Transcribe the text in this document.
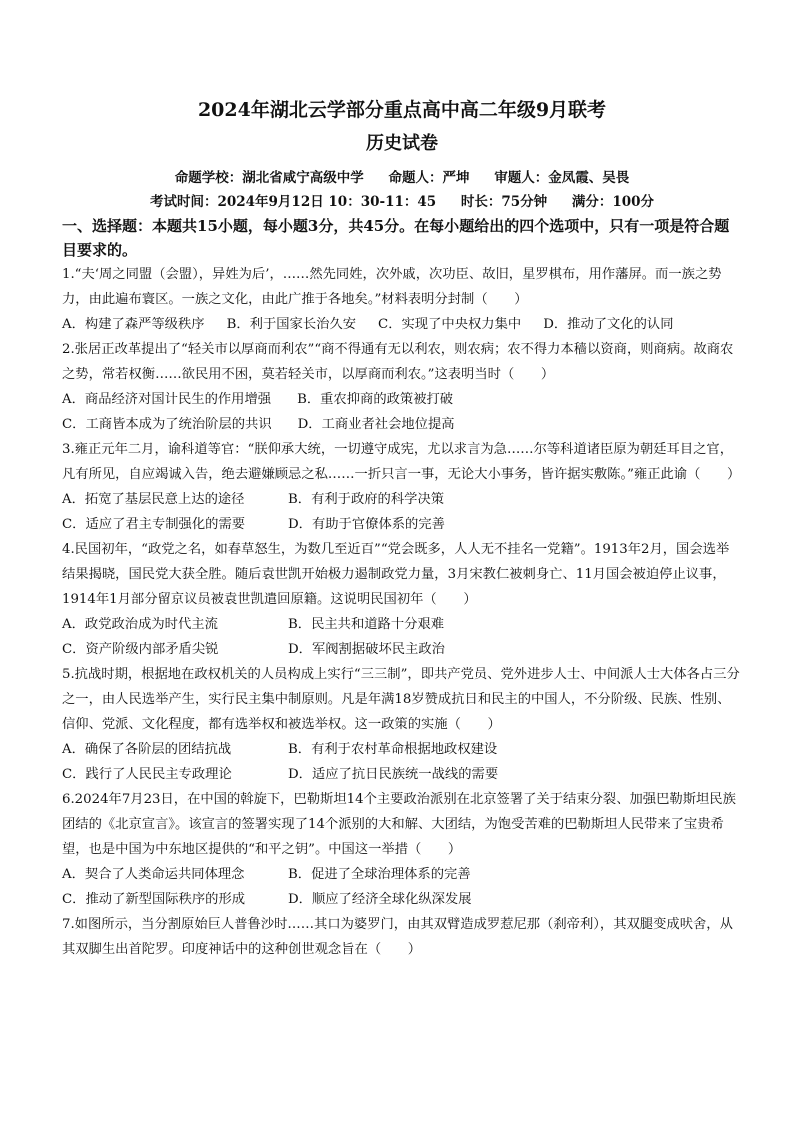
2024年湖北云学部分重点高中高二年级9月联考
历史试卷
命题学校：湖北省咸宁高级中学 命题人：严坤 审题人：金凤霞、吴畏
考试时间：2024年9月12日 10：30-11：45 时长：75分钟 满分：100分
一、选择题：本题共15小题，每小题3分，共45分。在每小题给出的四个选项中，只有一项是符合题目要求的。

1.“夫‘周之同盟（会盟），异姓为后’，……然先同姓，次外戚，次功臣、故旧，星罗棋布，用作藩屏。而一族之势力，由此遍布寰区。一族之文化，由此广推于各地矣。”材料表明分封制（　　）

A．构建了森严等级秩序 B．利于国家长治久安 C．实现了中央权力集中 D．推动了文化的认同

2.张居正改革提出了“轻关市以厚商而利农”“商不得通有无以利农，则农病；农不得力本穑以资商，则商病。故商农之势，常若权衡……欲民用不困，莫若轻关市，以厚商而利农。”这表明当时（　　）

A．商品经济对国计民生的作用增强 B．重农抑商的政策被打破
C．工商皆本成为了统治阶层的共识 D．工商业者社会地位提高

3.雍正元年二月，谕科道等官：“朕仰承大统，一切遵守成宪，尤以求言为急……尔等科道诸臣原为朝廷耳目之官，凡有所见，自应竭诚入告，绝去避嫌顾忌之私……一折只言一事，无论大小事务，皆许据实敷陈。”雍正此谕（　　）

A．拓宽了基层民意上达的途径	B．有利于政府的科学决策
C．适应了君主专制强化的需要	D．有助于官僚体系的完善

4.民国初年，“政党之名，如春草怒生，为数几至近百”“党会既多，人人无不挂名一党籍”。1913年2月，国会选举结果揭晓，国民党大获全胜。随后袁世凯开始极力遏制政党力量，3月宋教仁被刺身亡、11月国会被迫停止议事，1914年1月部分留京议员被袁世凯遣回原籍。这说明民国初年（　　）

A．政党政治成为时代主流	B．民主共和道路十分艰难
C．资产阶级内部矛盾尖锐	D．军阀割据破坏民主政治

5.抗战时期，根据地在政权机关的人员构成上实行“三三制”，即共产党员、党外进步人士、中间派人士大体各占三分之一，由人民选举产生，实行民主集中制原则。凡是年满18岁赞成抗日和民主的中国人，不分阶级、民族、性别、信仰、党派、文化程度，都有选举权和被选举权。这一政策的实施（　　）

A．确保了各阶层的团结抗战	B．有利于农村革命根据地政权建设
C．践行了人民民主专政理论	D．适应了抗日民族统一战线的需要

6.2024年7月23日，在中国的斡旋下，巴勒斯坦14个主要政治派别在北京签署了关于结束分裂、加强巴勒斯坦民族团结的《北京宣言》。该宣言的签署实现了14个派别的大和解、大团结，为饱受苦难的巴勒斯坦人民带来了宝贵希望，也是中国为中东地区提供的“和平之钥”。中国这一举措（　　）

A．契合了人类命运共同体理念	B．促进了全球治理体系的完善
C．推动了新型国际秩序的形成	D．顺应了经济全球化纵深发展

7.如图所示，当分割原始巨人普鲁沙时……其口为婆罗门，由其双臂造成罗惹尼那（刹帝利），其双腿变成吠舍，从其双脚生出首陀罗。印度神话中的这种创世观念旨在（　　）
